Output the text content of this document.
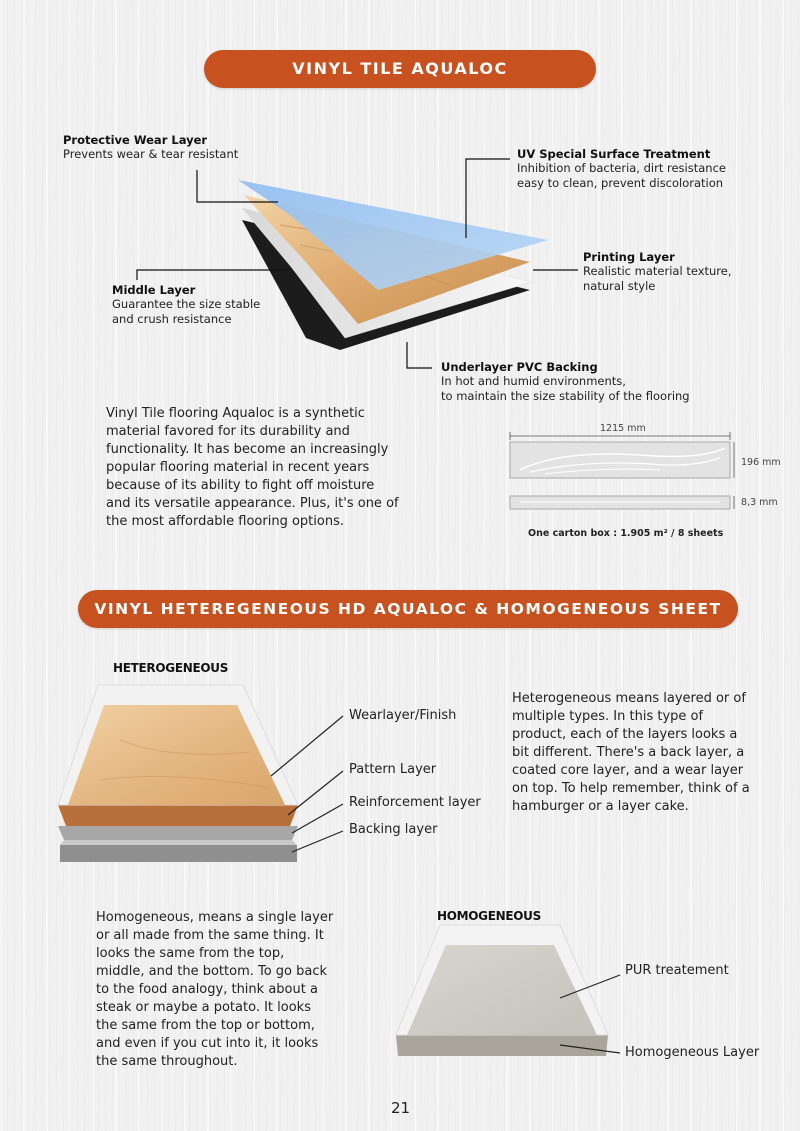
VINYL TILE AQUALOC
Protective Wear Layer
Prevents wear & tear resistant	UV Special Surface Treatment
Inhibition of bacteria, dirt resistance
easy to clean, prevent discoloration
Printing Layer
Realistic material texture,
natural style
Middle Layer
Guarantee the size stable
and crush resistance
Underlayer PVC Backing
In hot and humid environments,
to maintain the size stability of the flooring
Vinyl Tile flooring Aqualoc is a synthetic
material favored for its durability and
functionality. It has become an increasingly
popular flooring material in recent years
because of its ability to fight off moisture
and its versatile appearance. Plus, it's one of
the most affordable flooring options.
1215 mm
196 mm
8,3 mm
One carton box : 1.905 m² / 8 sheets
VINYL HETEREGENEOUS HD AQUALOC & HOMOGENEOUS SHEET
HETEROGENEOUS
Wearlayer/Finish
Pattern Layer
Reinforcement layer
Backing layer
Heterogeneous means layered or of
multiple types. In this type of
product, each of the layers looks a
bit different. There's a back layer, a
coated core layer, and a wear layer
on top. To help remember, think of a
hamburger or a layer cake.
Homogeneous, means a single layer
or all made from the same thing. It
looks the same from the top,
middle, and the bottom. To go back
to the food analogy, think about a
steak or maybe a potato. It looks
the same from the top or bottom,
and even if you cut into it, it looks
the same throughout.
HOMOGENEOUS
PUR treatement
Homogeneous Layer
21
